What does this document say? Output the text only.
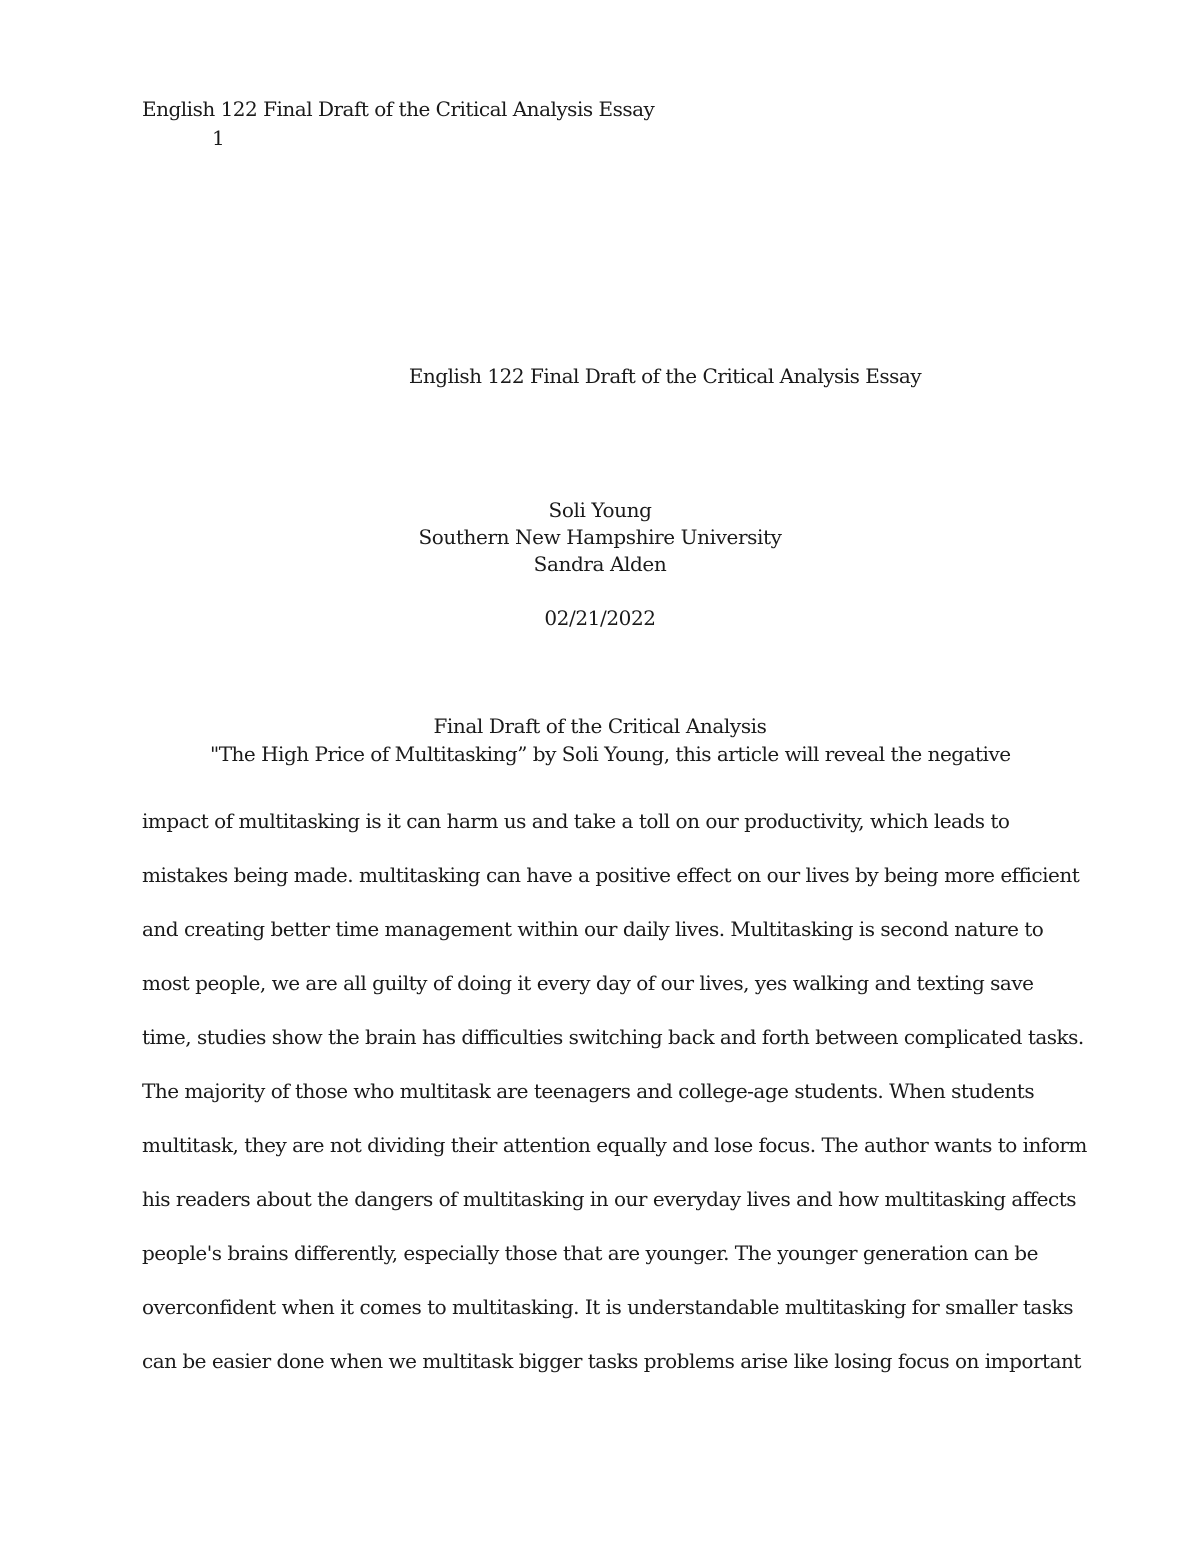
English 122 Final Draft of the Critical Analysis Essay
1
English 122 Final Draft of the Critical Analysis Essay
Soli Young
Southern New Hampshire University
Sandra Alden
02/21/2022
Final Draft of the Critical Analysis
"The High Price of Multitasking” by Soli Young, this article will reveal the negative
impact of multitasking is it can harm us and take a toll on our productivity, which leads to
mistakes being made. multitasking can have a positive effect on our lives by being more efficient
and creating better time management within our daily lives. Multitasking is second nature to
most people, we are all guilty of doing it every day of our lives, yes walking and texting save
time, studies show the brain has difficulties switching back and forth between complicated tasks.
The majority of those who multitask are teenagers and college-age students. When students
multitask, they are not dividing their attention equally and lose focus. The author wants to inform
his readers about the dangers of multitasking in our everyday lives and how multitasking affects
people's brains differently, especially those that are younger. The younger generation can be
overconfident when it comes to multitasking. It is understandable multitasking for smaller tasks
can be easier done when we multitask bigger tasks problems arise like losing focus on important
